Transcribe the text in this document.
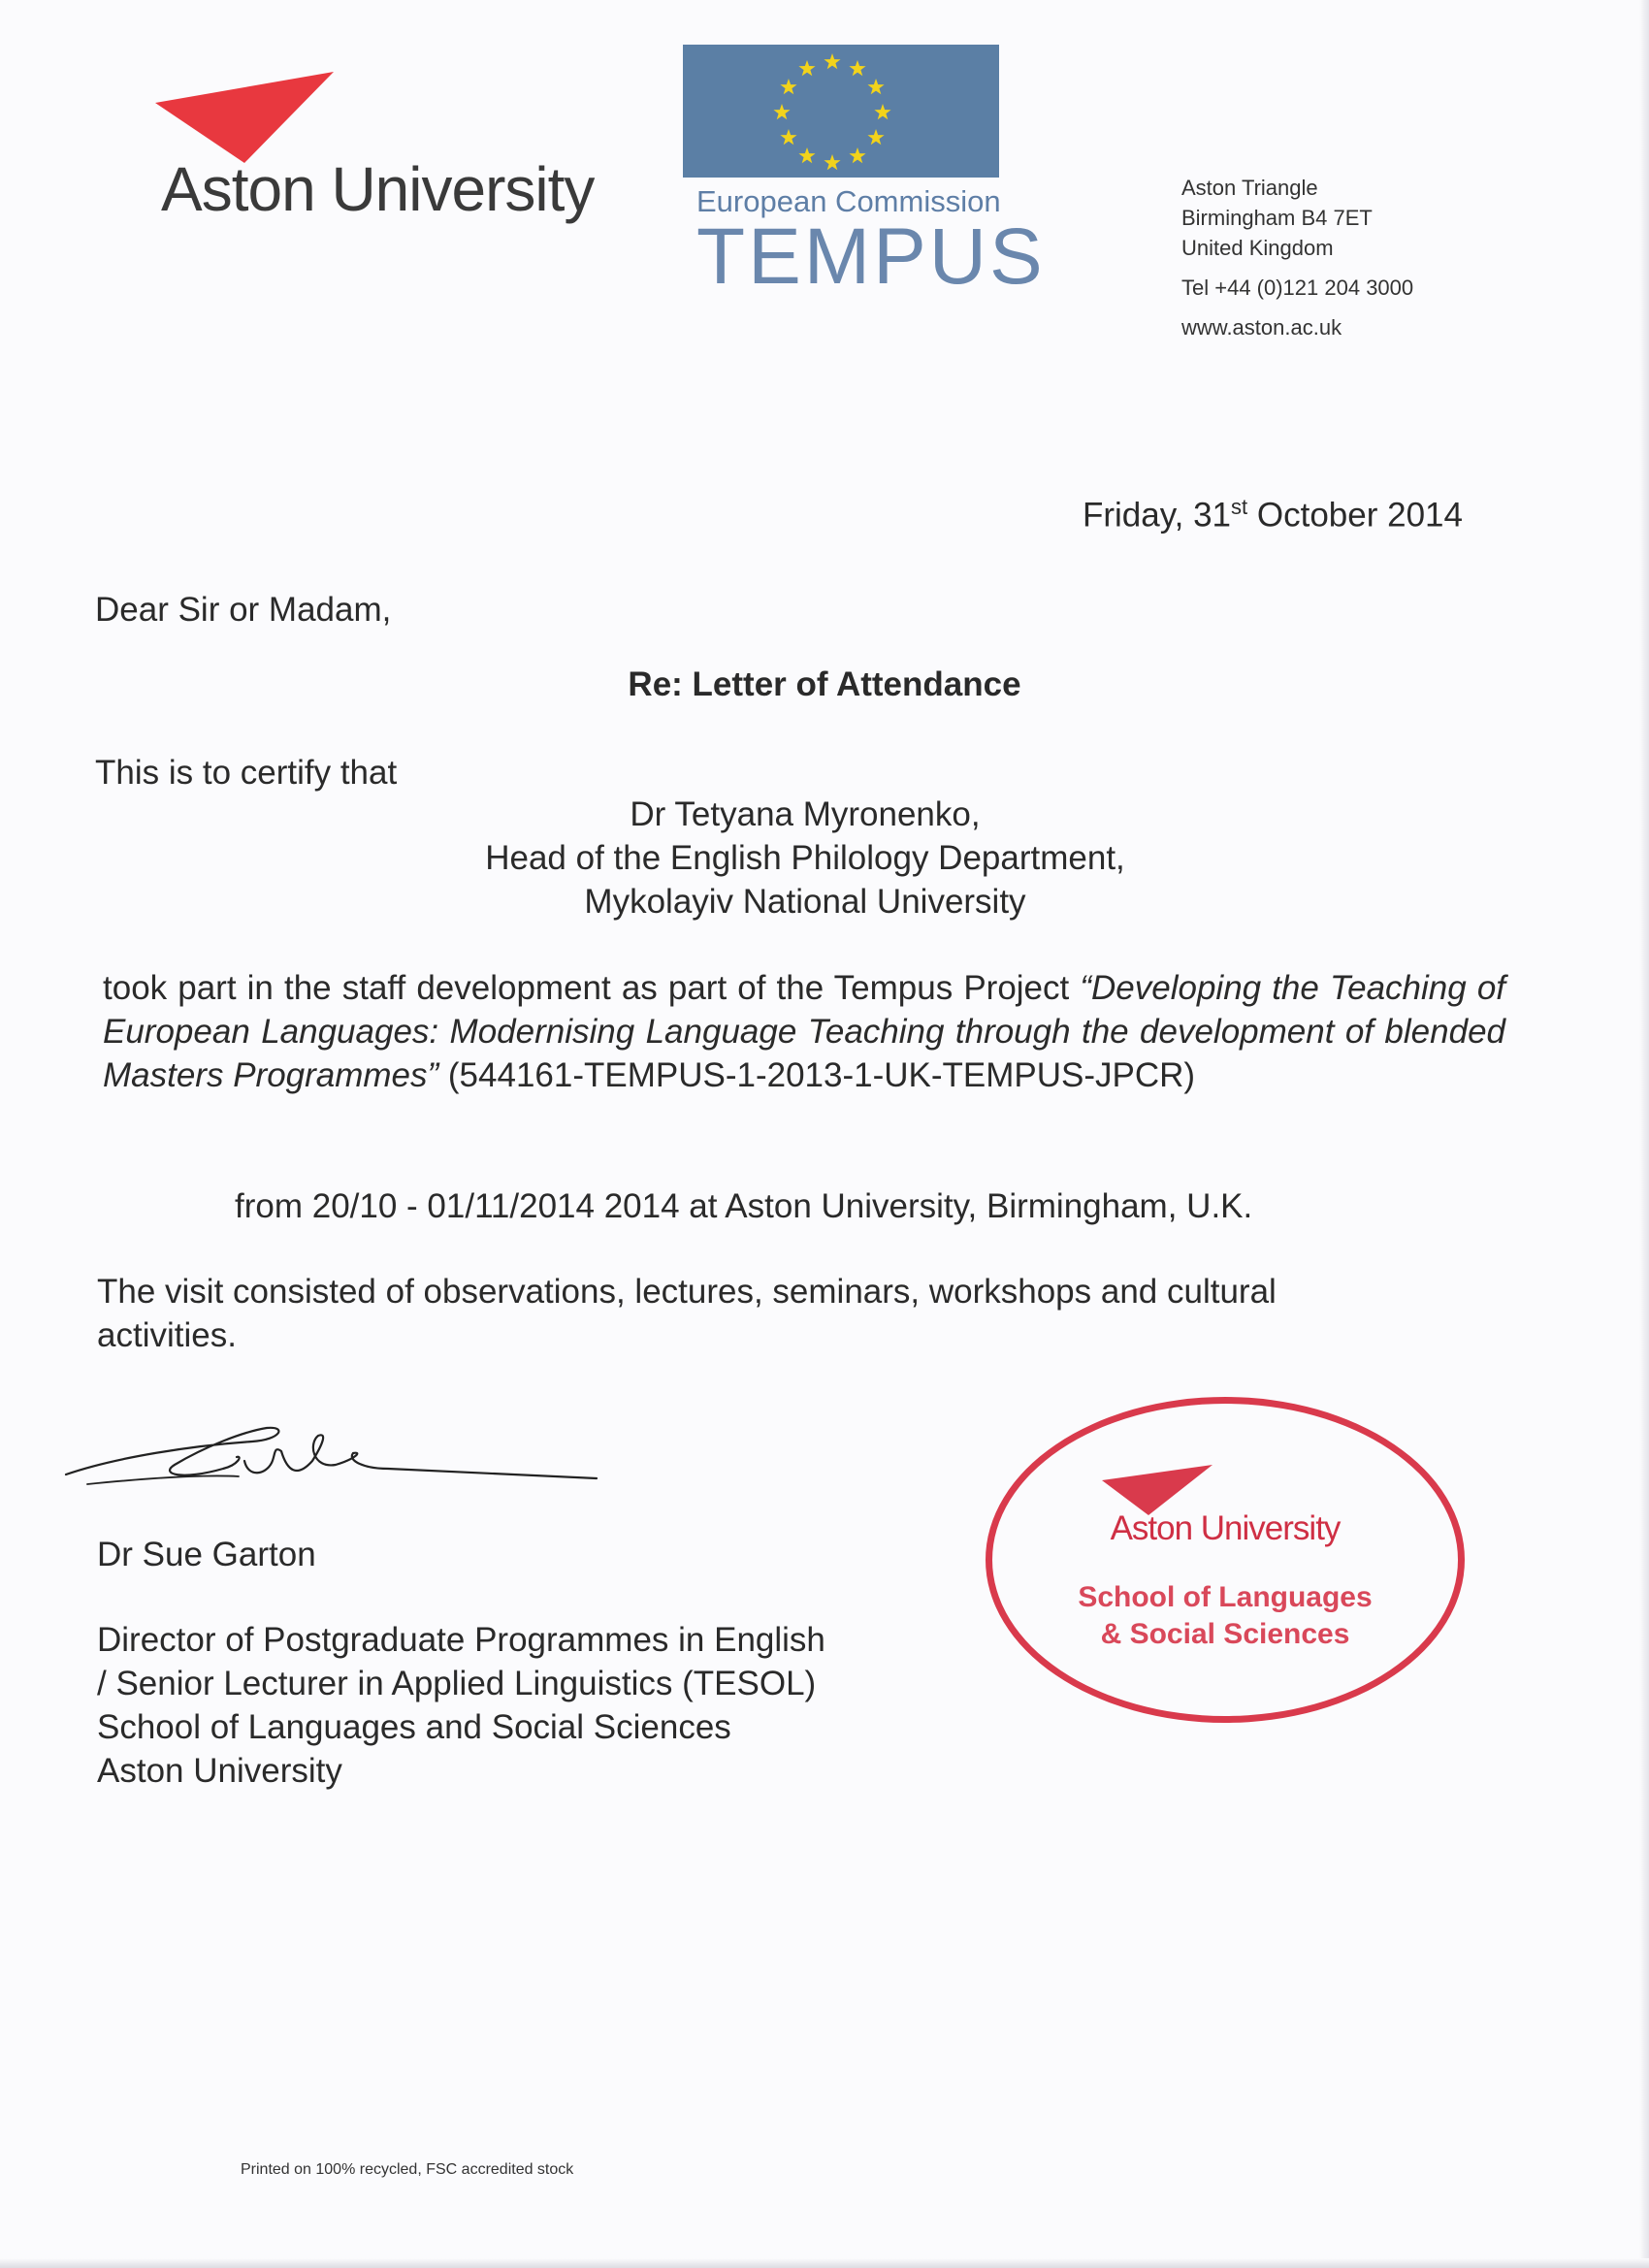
Aston University	European Commission
TEMPUS
Aston Triangle
Birmingham B4 7ET
United Kingdom
Tel +44 (0)121 204 3000
www.aston.ac.uk
Friday, 31st October 2014
Dear Sir or Madam,
Re: Letter of Attendance
This is to certify that
Dr Tetyana Myronenko,
Head of the English Philology Department,
Mykolayiv National University
took part in the staff development as part of the Tempus Project “Developing the Teaching of European Languages: Modernising Language Teaching through the development of blended Masters Programmes” (544161-TEMPUS-1-2013-1-UK-TEMPUS-JPCR)
from 20/10 - 01/11/2014 2014 at Aston University, Birmingham, U.K.
The visit consisted of observations, lectures, seminars, workshops and cultural activities.
Dr Sue Garton
Director of Postgraduate Programmes in English
/ Senior Lecturer in Applied Linguistics (TESOL)
School of Languages and Social Sciences
Aston University
Aston University
School of Languages
& Social Sciences
Printed on 100% recycled, FSC accredited stock
